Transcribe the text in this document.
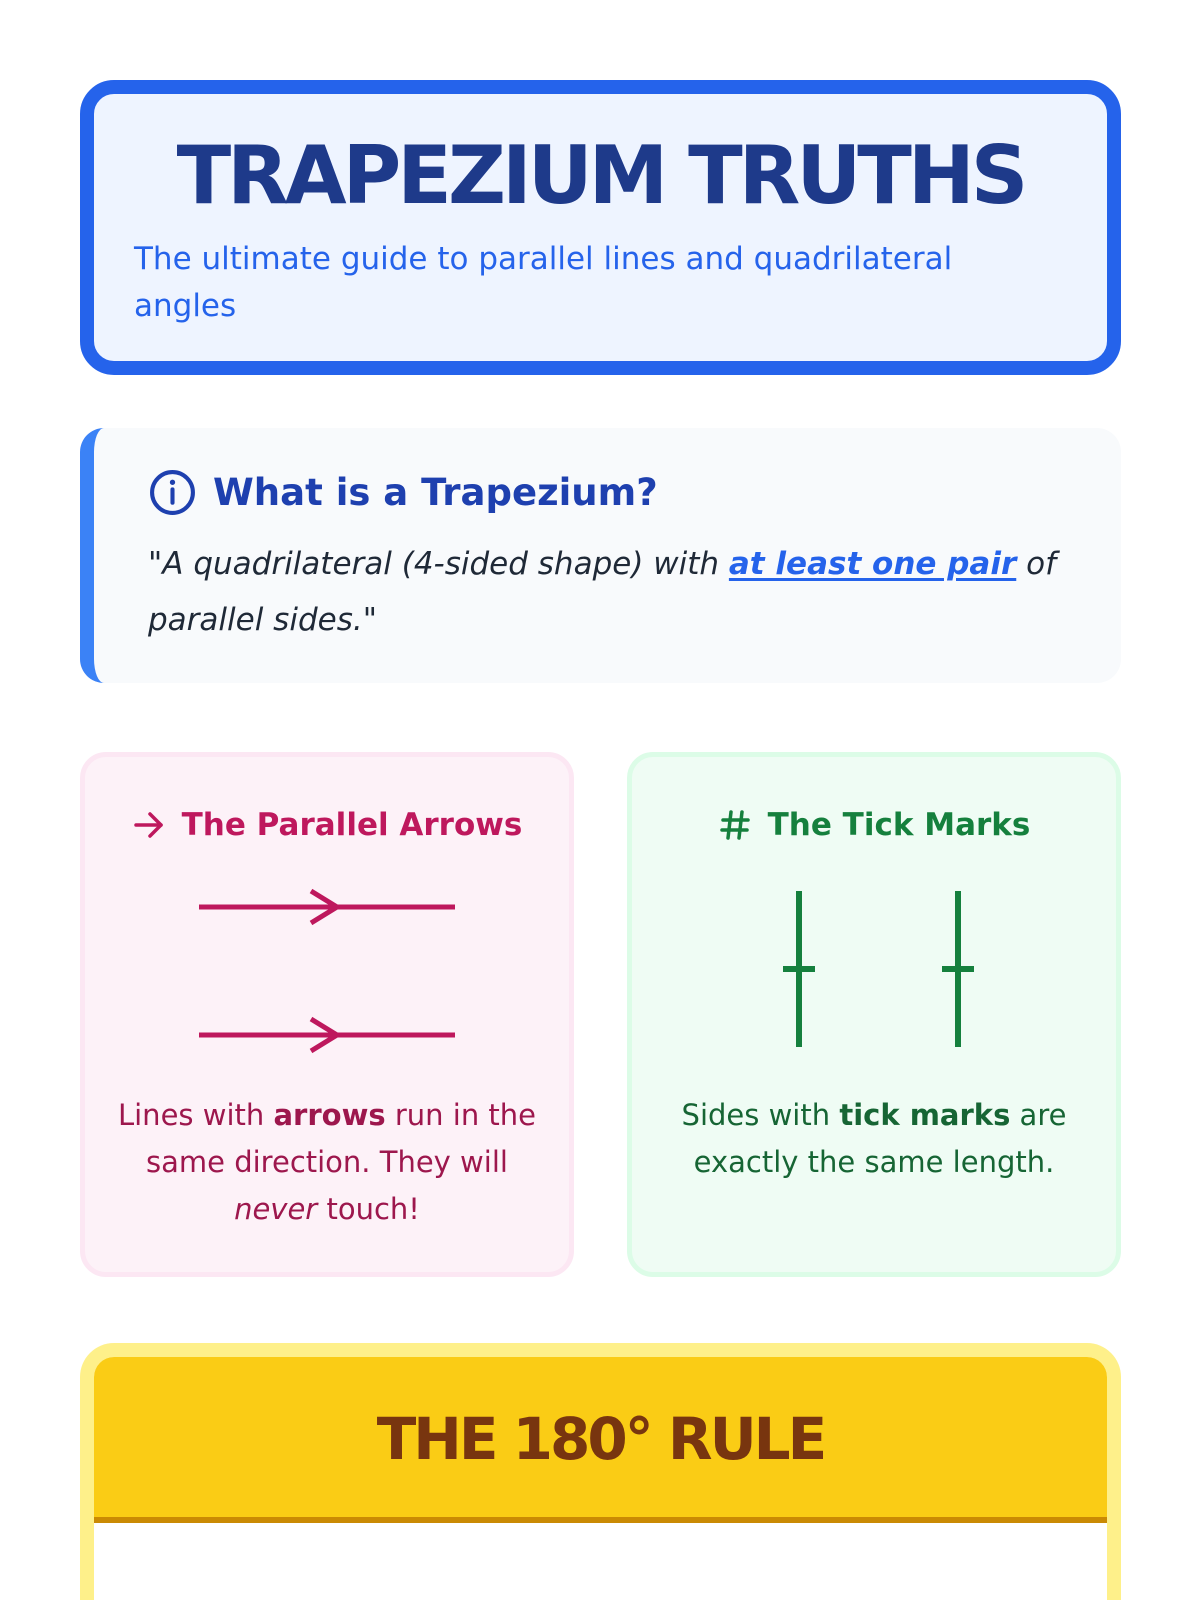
TRAPEZIUM TRUTHS

The ultimate guide to parallel lines and quadrilateral angles

What is a Trapezium?

"A quadrilateral (4-sided shape) with at least one pair of parallel sides."

The Parallel Arrows

Lines with arrows run in the same direction. They will never touch!

The Tick Marks

Sides with tick marks are exactly the same length.

THE 180° RULE
